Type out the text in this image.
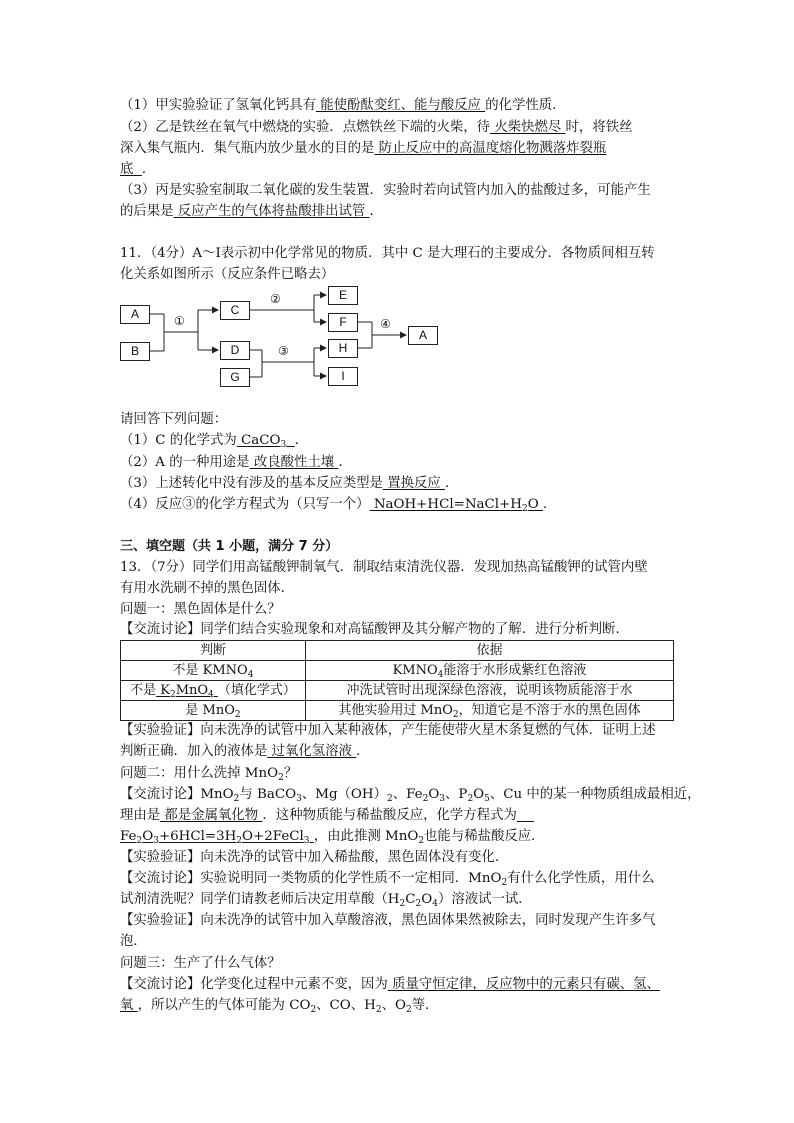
（1）甲实验验证了氢氧化钙具有 能使酚酞变红、能与酸反应 的化学性质．
（2）乙是铁丝在氧气中燃烧的实验．点燃铁丝下端的火柴，待 火柴快燃尽 时，将铁丝
深入集气瓶内．集气瓶内放少量水的目的是 防止反应中的高温度熔化物溅落炸裂瓶
底 ．
（3）丙是实验室制取二氧化碳的发生装置．实验时若向试管内加入的盐酸过多，可能产生
的后果是 反应产生的气体将盐酸排出试管 ．
11．（4分）A～I表示初中化学常见的物质．其中 C 是大理石的主要成分．各物质间相互转
化关系如图所示（反应条件已略去）
A
B
C
D
G
E
F
H
I
A
①
②
③
④
请回答下列问题：
（1）C 的化学式为 CaCO$_3$ ．
（2）A 的一种用途是 改良酸性土壤 ．
（3）上述转化中没有涉及的基本反应类型是 置换反应 ．
（4）反应③的化学方程式为（只写一个） $NaOH+HCl=NaCl+H_2O$ ．
三、填空题（共 1 小题，满分 7 分）
13．（7分）同学们用高锰酸钾制氧气．制取结束清洗仪器．发现加热高锰酸钾的试管内壁
有用水洗刷不掉的黑色固体．
问题一：黑色固体是什么？
【交流讨论】同学们结合实验现象和对高锰酸钾及其分解产物的了解．进行分析判断．
判断	依据
不是 $KMNO_4$	$KMNO_4$能溶于水形成紫红色溶液
不是 $K_2MnO_4$ （填化学式）	冲洗试管时出现深绿色溶液，说明该物质能溶于水
是 MnO$_2$	其他实验用过 MnO$_2$，知道它是不溶于水的黑色固体
【实验验证】向未洗净的试管中加入某种液体，产生能使带火星木条复燃的气体．证明上述
判断正确．加入的液体是 过氧化氢溶液 ．
问题二：用什么洗掉 MnO$_2$？
【交流讨论】MnO$_2$与 BaCO$_3$、$Mg(OH)_2$、$Fe_2O_3$、$P_2O_5$、Cu 中的某一种物质组成最相近，
理由是 都是金属氧化物 ．这种物质能与稀盐酸反应，化学方程式为
$Fe_2O_3+6HCl=3H_2O+2FeCl_3$ ，由此推测 MnO$_2$也能与稀盐酸反应．
【实验验证】向未洗净的试管中加入稀盐酸，黑色固体没有变化．
【交流讨论】实验说明同一类物质的化学性质不一定相同．MnO$_2$有什么化学性质，用什么
试剂清洗呢？同学们请教老师后决定用草酸$(H_2C_2O_4)$溶液试一试．
【实验验证】向未洗净的试管中加入草酸溶液，黑色固体果然被除去，同时发现产生许多气
泡．
问题三：生产了什么气体？
【交流讨论】化学变化过程中元素不变，因为 质量守恒定律，反应物中的元素只有碳、氢、
氧 ，所以产生的气体可能为 $CO_2$、CO、$H_2$、$O_2$等．
